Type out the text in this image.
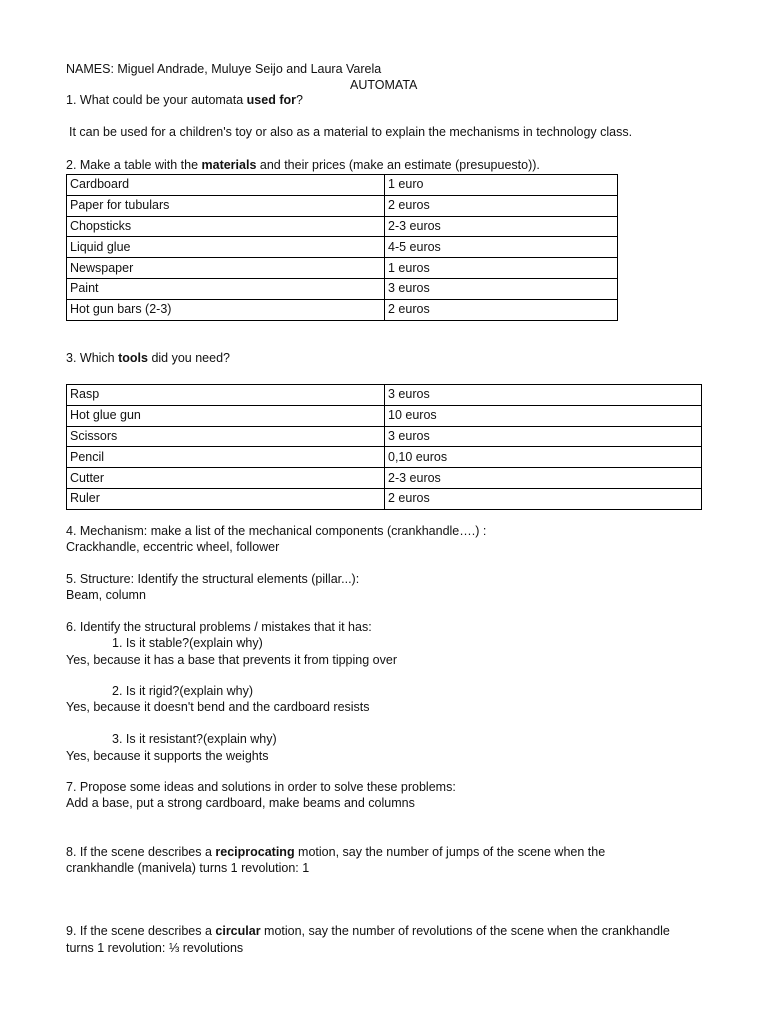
NAMES: Miguel Andrade, Muluye Seijo and Laura Varela
AUTOMATA
1. What could be your automata used for?
It can be used for a children's toy or also as a material to explain the mechanisms in technology class.
2. Make a table with the materials and their prices (make an estimate (presupuesto)).
Cardboard	1 euro
Paper for tubulars	2 euros
Chopsticks	2-3 euros
Liquid glue	4-5 euros
Newspaper	1 euros
Paint	3 euros
Hot gun bars (2-3)	2 euros
3. Which tools did you need?
Rasp	3 euros
Hot glue gun	10 euros
Scissors	3 euros
Pencil	0,10 euros
Cutter	2-3 euros
Ruler	2 euros
4. Mechanism: make a list of the mechanical components (crankhandle….) :
Crackhandle, eccentric wheel, follower
5. Structure: Identify the structural elements (pillar...):
Beam, column
6. Identify the structural problems / mistakes that it has:
1. Is it stable?(explain why)
Yes, because it has a base that prevents it from tipping over
2. Is it rigid?(explain why)
Yes, because it doesn't bend and the cardboard resists
3. Is it resistant?(explain why)
Yes, because it supports the weights
7. Propose some ideas and solutions in order to solve these problems:
Add a base, put a strong cardboard, make beams and columns
8. If the scene describes a reciprocating motion, say the number of jumps of the scene when the
crankhandle (manivela) turns 1 revolution: 1
9. If the scene describes a circular motion, say the number of revolutions of the scene when the crankhandle
turns 1 revolution: ⅓ revolutions
